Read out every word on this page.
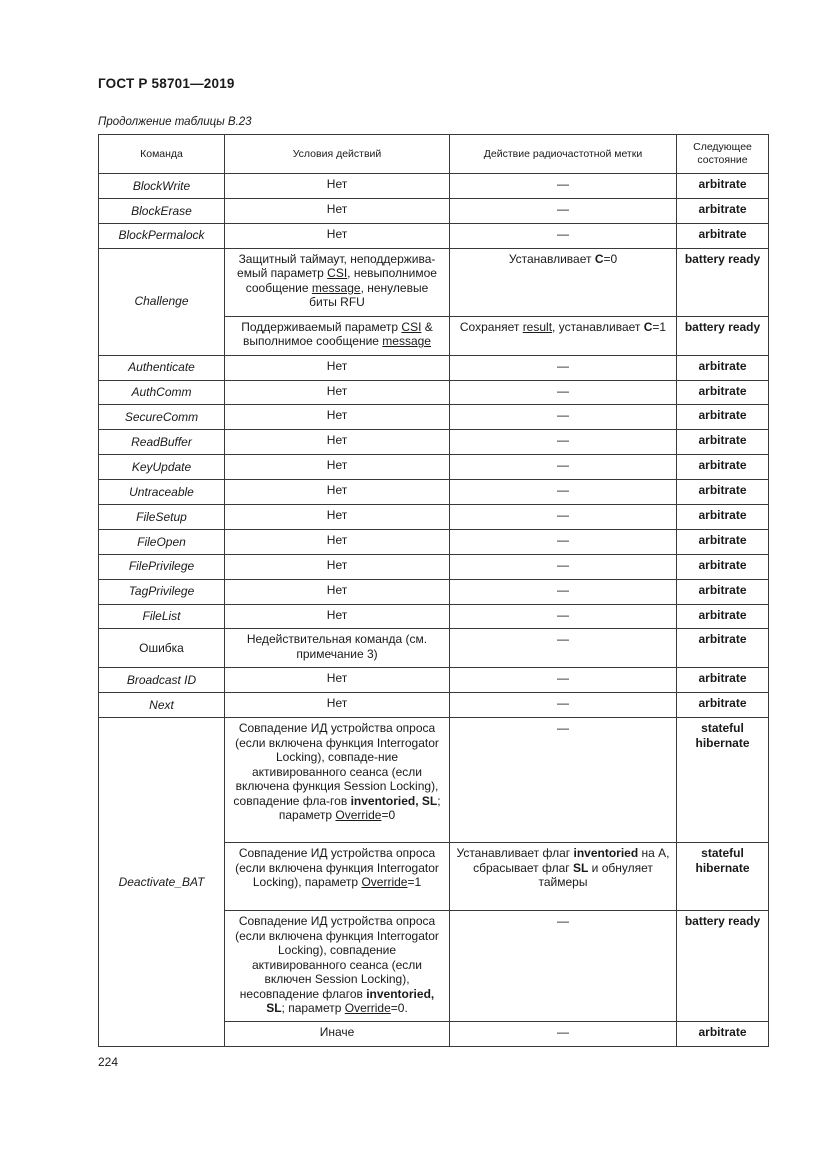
ГОСТ Р 58701—2019
Продолжение таблицы В.23
Команда	Условия действий	Действие радиочастотной метки	Следующее состояние
BlockWrite	Нет	—	arbitrate
BlockErase	Нет	—	arbitrate
BlockPermalock	Нет	—	arbitrate
Challenge	Защитный таймаут, неподдержива-емый параметр CSI, невыполнимое сообщение message, ненулевые биты RFU	Устанавливает C=0	battery ready
	Поддерживаемый параметр CSI & выполнимое сообщение message	Сохраняет result, устанавливает C=1	battery ready
Authenticate	Нет	—	arbitrate
AuthComm	Нет	—	arbitrate
SecureComm	Нет	—	arbitrate
ReadBuffer	Нет	—	arbitrate
KeyUpdate	Нет	—	arbitrate
Untraceable	Нет	—	arbitrate
FileSetup	Нет	—	arbitrate
FileOpen	Нет	—	arbitrate
FilePrivilege	Нет	—	arbitrate
TagPrivilege	Нет	—	arbitrate
FileList	Нет	—	arbitrate
Ошибка	Недействительная команда (см. примечание 3)	—	arbitrate
Broadcast ID	Нет	—	arbitrate
Next	Нет	—	arbitrate
Deactivate_BAT	Совпадение ИД устройства опроса (если включена функция Interrogator Locking), совпаде-ние активированного сеанса (если включена функция Session Locking), совпадение фла-гов inventoried, SL; параметр Override=0	—	stateful hibernate
	Совпадение ИД устройства опроса (если включена функция Interrogator Locking), параметр Override=1	Устанавливает флаг inventoried на A, сбрасывает флаг SL и обнуляет таймеры	stateful hibernate
	Совпадение ИД устройства опроса (если включена функция Interrogator Locking), совпадение активированного сеанса (если включен Session Locking), несовпадение флагов inventoried, SL; параметр Override=0.	—	battery ready
	Иначе	—	arbitrate
224
